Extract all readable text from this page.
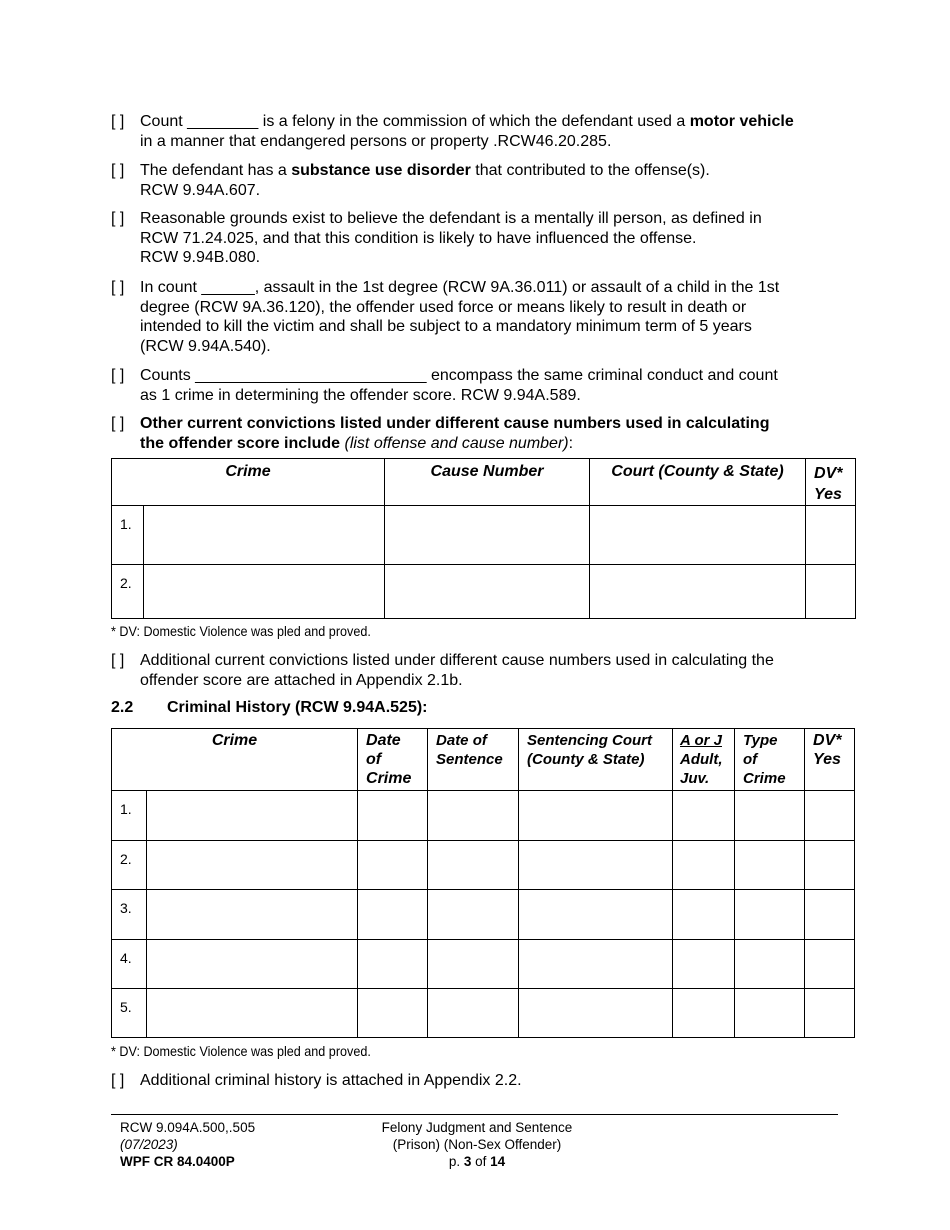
[ ] Count ________ is a felony in the commission of which the defendant used a motor vehicle
in a manner that endangered persons or property .RCW46.20.285.
[ ] The defendant has a substance use disorder that contributed to the offense(s).
RCW 9.94A.607.
[ ] Reasonable grounds exist to believe the defendant is a mentally ill person, as defined in
RCW 71.24.025, and that this condition is likely to have influenced the offense.
RCW 9.94B.080.
[ ] In count ______, assault in the 1st degree (RCW 9A.36.011) or assault of a child in the 1st
degree (RCW 9A.36.120), the offender used force or means likely to result in death or
intended to kill the victim and shall be subject to a mandatory minimum term of 5 years
(RCW 9.94A.540).
[ ] Counts __________________________ encompass the same criminal conduct and count
as 1 crime in determining the offender score. RCW 9.94A.589.
[ ] Other current convictions listed under different cause numbers used in calculating
the offender score include (list offense and cause number):
Crime		Cause Number	Court (County & State)	DV*
Yes
1.				
2.				
* DV: Domestic Violence was pled and proved.
[ ] Additional current convictions listed under different cause numbers used in calculating the
offender score are attached in Appendix 2.1b.
2.2 Criminal History (RCW 9.94A.525):
Crime		Date
of
Crime	Date of
Sentence	Sentencing Court
(County & State)	A or J
Adult,
Juv.	Type
of
Crime	DV*
Yes
1.							
2.							
3.							
4.							
5.							
* DV: Domestic Violence was pled and proved.
[ ] Additional criminal history is attached in Appendix 2.2.
RCW 9.094A.500,.505
(07/2023)
WPF CR 84.0400P
Felony Judgment and Sentence
(Prison) (Non-Sex Offender)
p. 3 of 14
